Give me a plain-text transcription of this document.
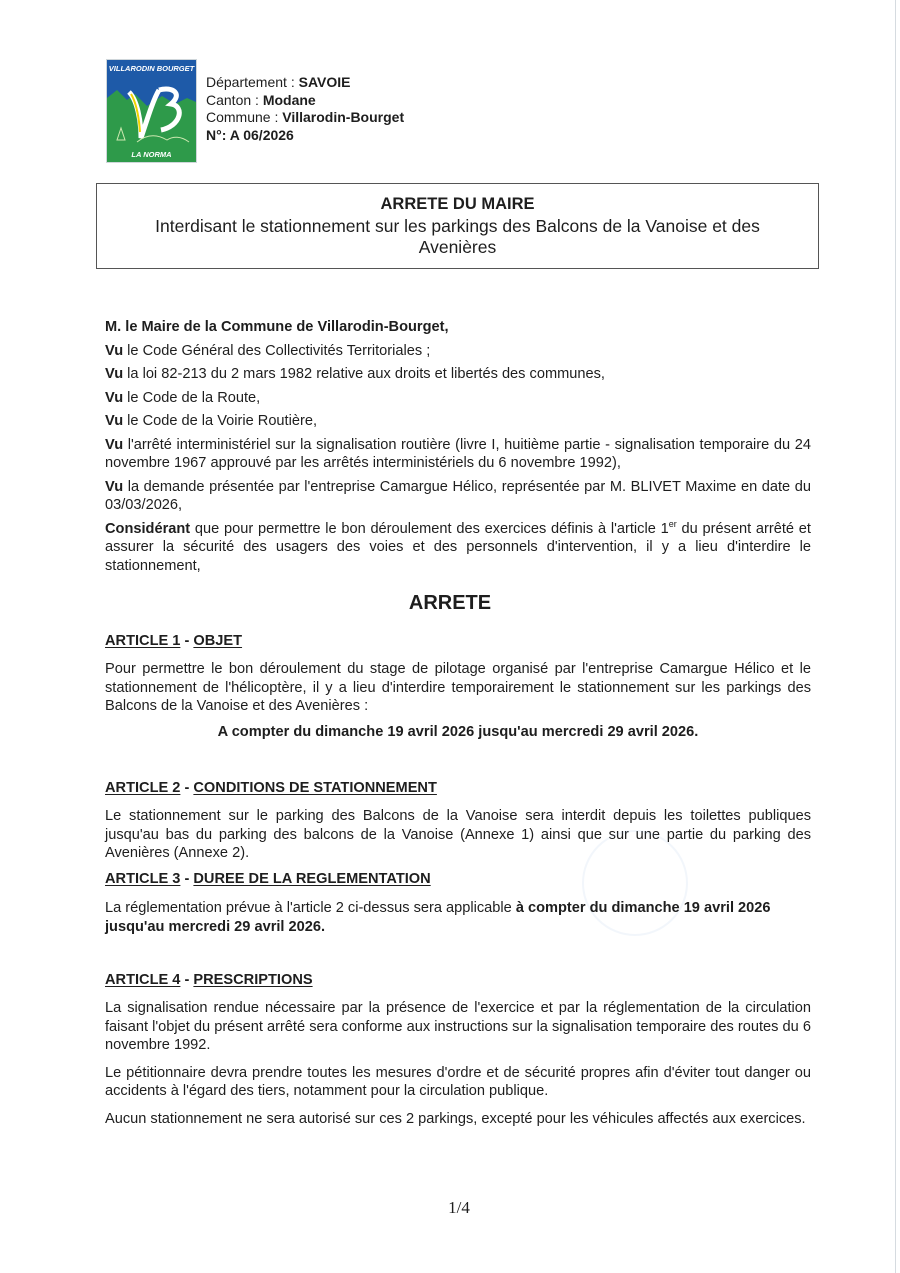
VILLARODIN BOURGET
LA NORMA
Département : SAVOIE
Canton : Modane
Commune : Villarodin-Bourget
N°: A 06/2026
ARRETE DU MAIRE
Interdisant le stationnement sur les parkings des Balcons de la Vanoise et des
Avenières

M. le Maire de la Commune de Villarodin-Bourget,

Vu le Code Général des Collectivités Territoriales ;

Vu la loi 82-213 du 2 mars 1982 relative aux droits et libertés des communes,

Vu le Code de la Route,

Vu le Code de la Voirie Routière,

Vu l'arrêté interministériel sur la signalisation routière (livre I, huitième partie - signalisation temporaire du 24 novembre 1967 approuvé par les arrêtés interministériels du 6 novembre 1992),

Vu la demande présentée par l'entreprise Camargue Hélico, représentée par M. BLIVET Maxime en date du 03/03/2026,

Considérant que pour permettre le bon déroulement des exercices définis à l'article 1er du présent arrêté et assurer la sécurité des usagers des voies et des personnels d'intervention, il y a lieu d'interdire le stationnement,

ARRETE
ARTICLE 1 - OBJET

Pour permettre le bon déroulement du stage de pilotage organisé par l'entreprise Camargue Hélico et le stationnement de l'hélicoptère, il y a lieu d'interdire temporairement le stationnement sur les parkings des Balcons de la Vanoise et des Avenières :

A compter du dimanche 19 avril 2026 jusqu'au mercredi 29 avril 2026.
ARTICLE 2 - CONDITIONS DE STATIONNEMENT

Le stationnement sur le parking des Balcons de la Vanoise sera interdit depuis les toilettes publiques jusqu'au bas du parking des balcons de la Vanoise (Annexe 1) ainsi que sur une partie du parking des Avenières (Annexe 2).

ARTICLE 3 - DUREE DE LA REGLEMENTATION

La réglementation prévue à l'article 2 ci-dessus sera applicable à compter du dimanche 19 avril 2026 jusqu'au mercredi 29 avril 2026.

ARTICLE 4 - PRESCRIPTIONS

La signalisation rendue nécessaire par la présence de l'exercice et par la réglementation de la circulation faisant l'objet du présent arrêté sera conforme aux instructions sur la signalisation temporaire des routes du 6 novembre 1992.

Le pétitionnaire devra prendre toutes les mesures d'ordre et de sécurité propres afin d'éviter tout danger ou accidents à l'égard des tiers, notamment pour la circulation publique.

Aucun stationnement ne sera autorisé sur ces 2 parkings, excepté pour les véhicules affectés aux exercices.

1/4
